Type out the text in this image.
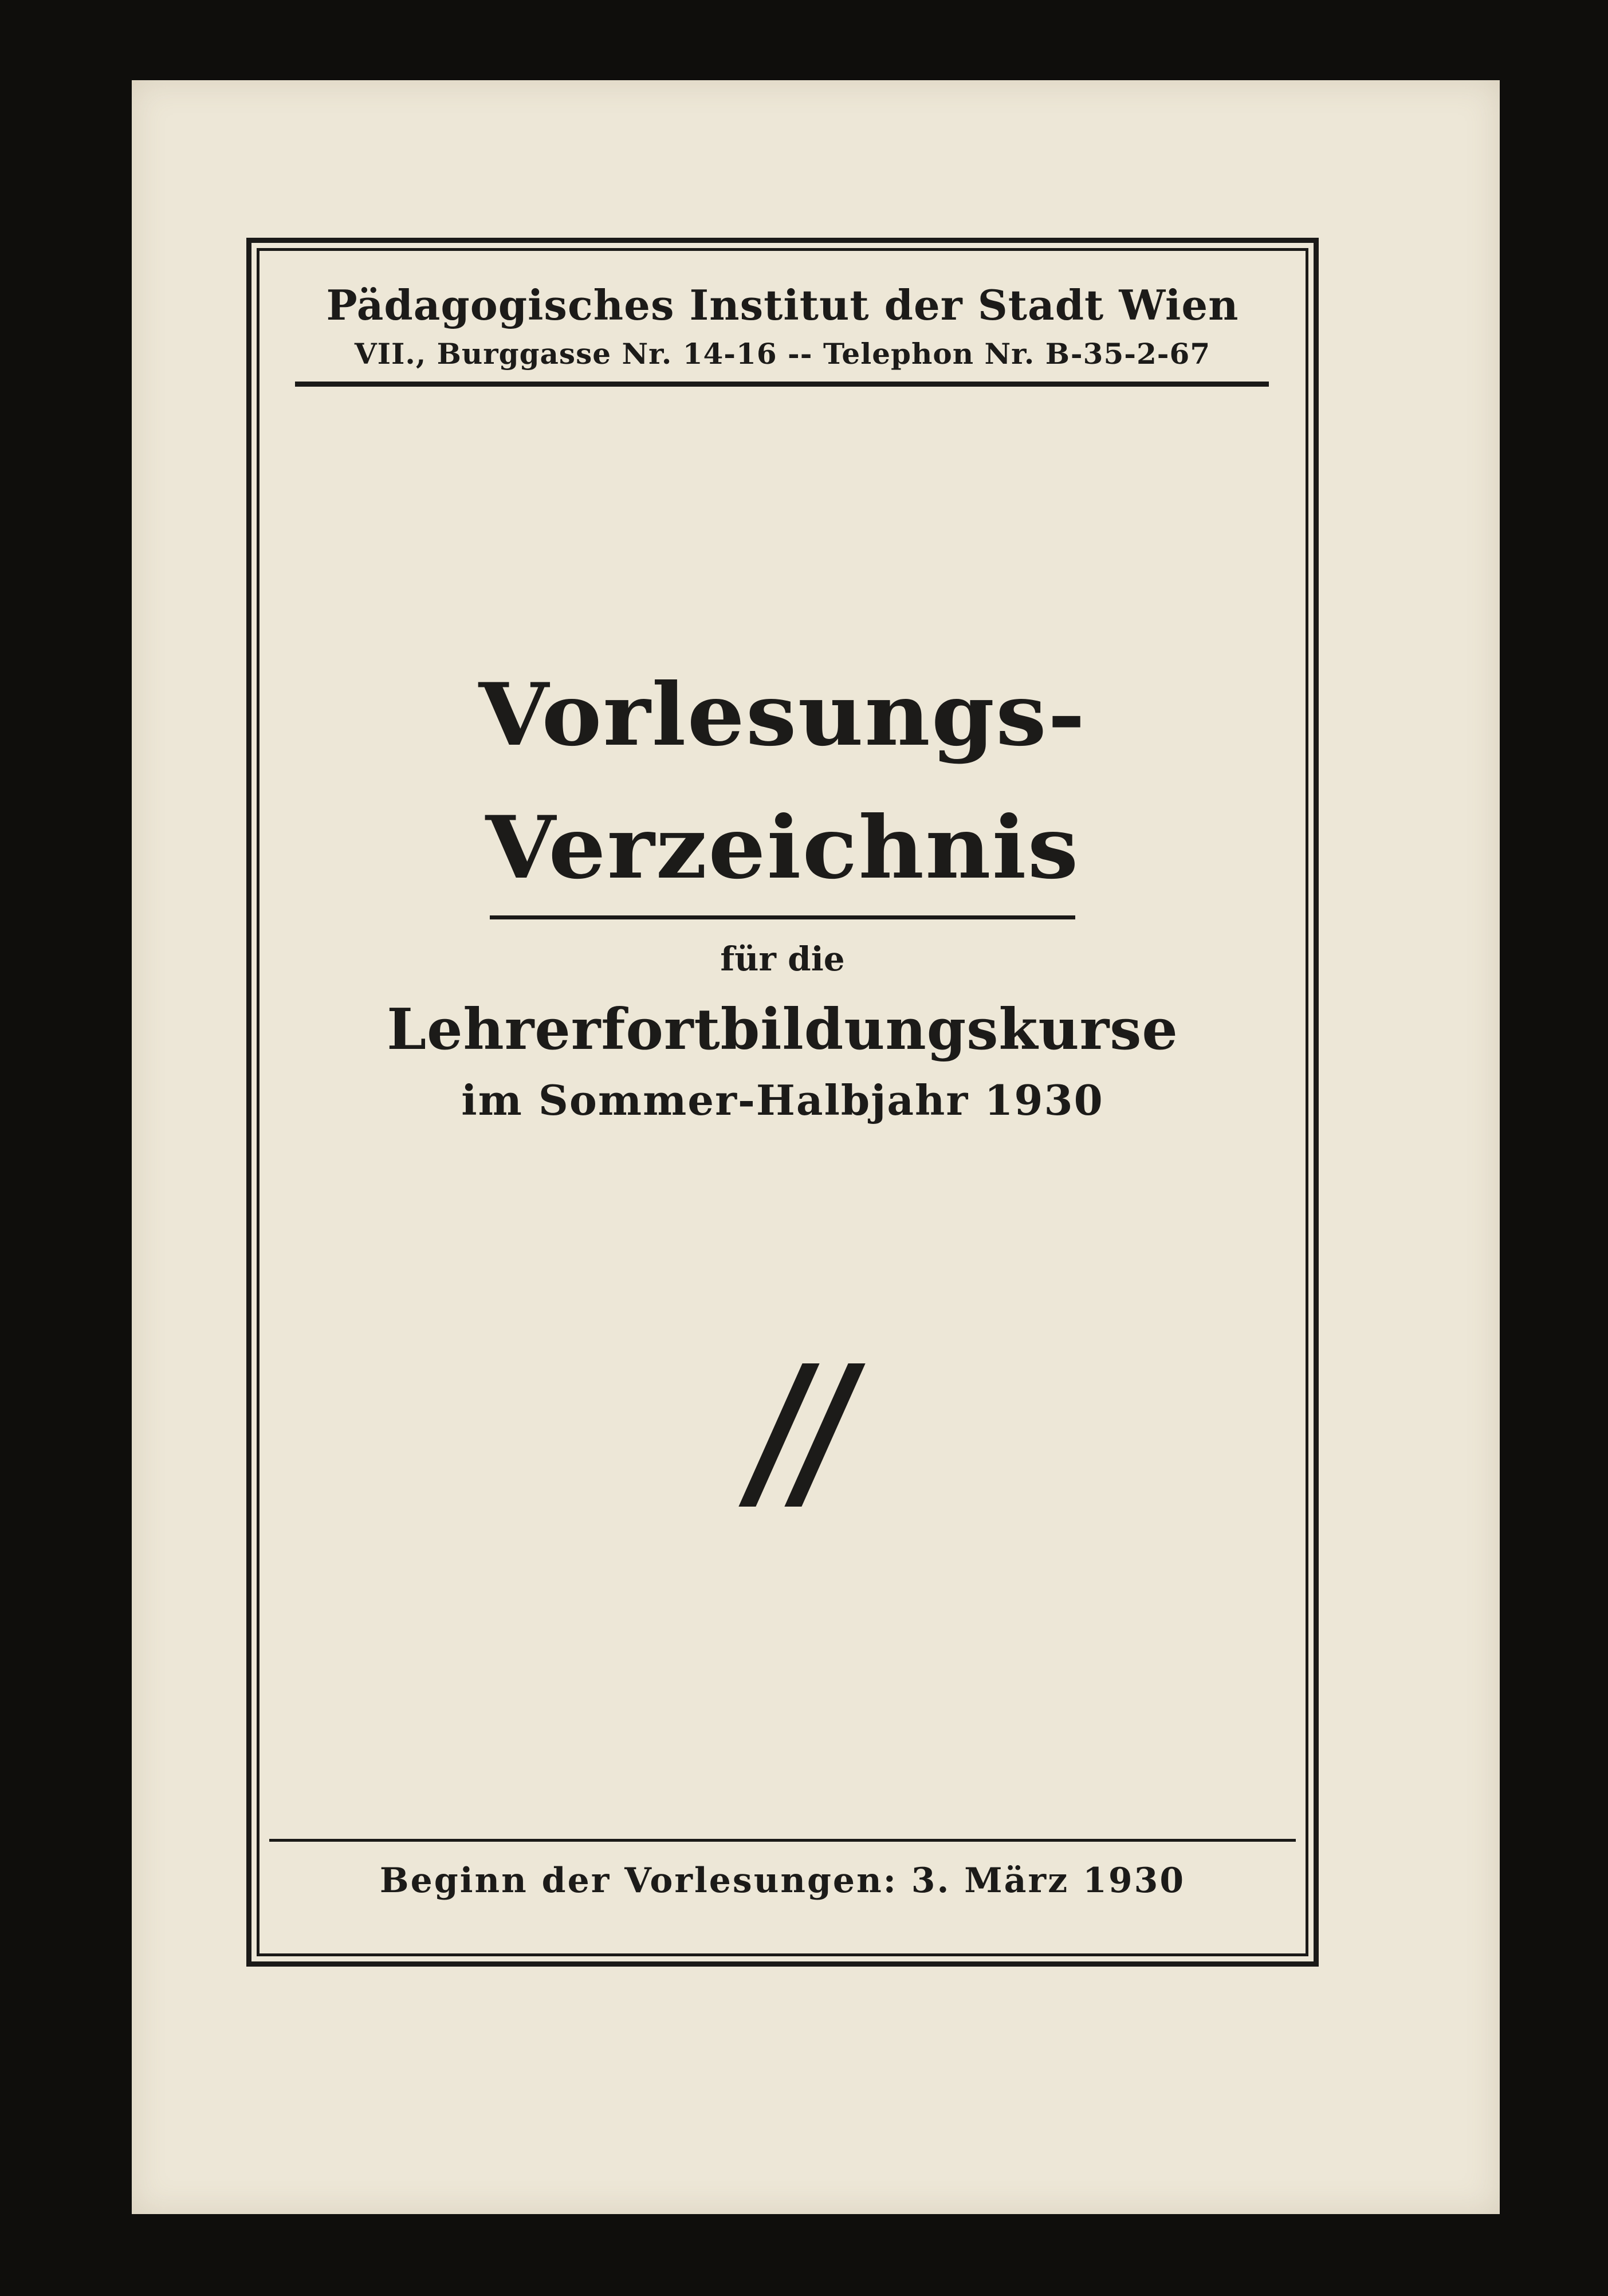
Pädagogisches Institut der Stadt Wien
VII., Burggasse Nr. 14-16 -- Telephon Nr. B-35-2-67
Vorlesungs-
Verzeichnis
für die
Lehrerfortbildungskurse
im Sommer-Halbjahr 1930
Beginn der Vorlesungen: 3. März 1930
